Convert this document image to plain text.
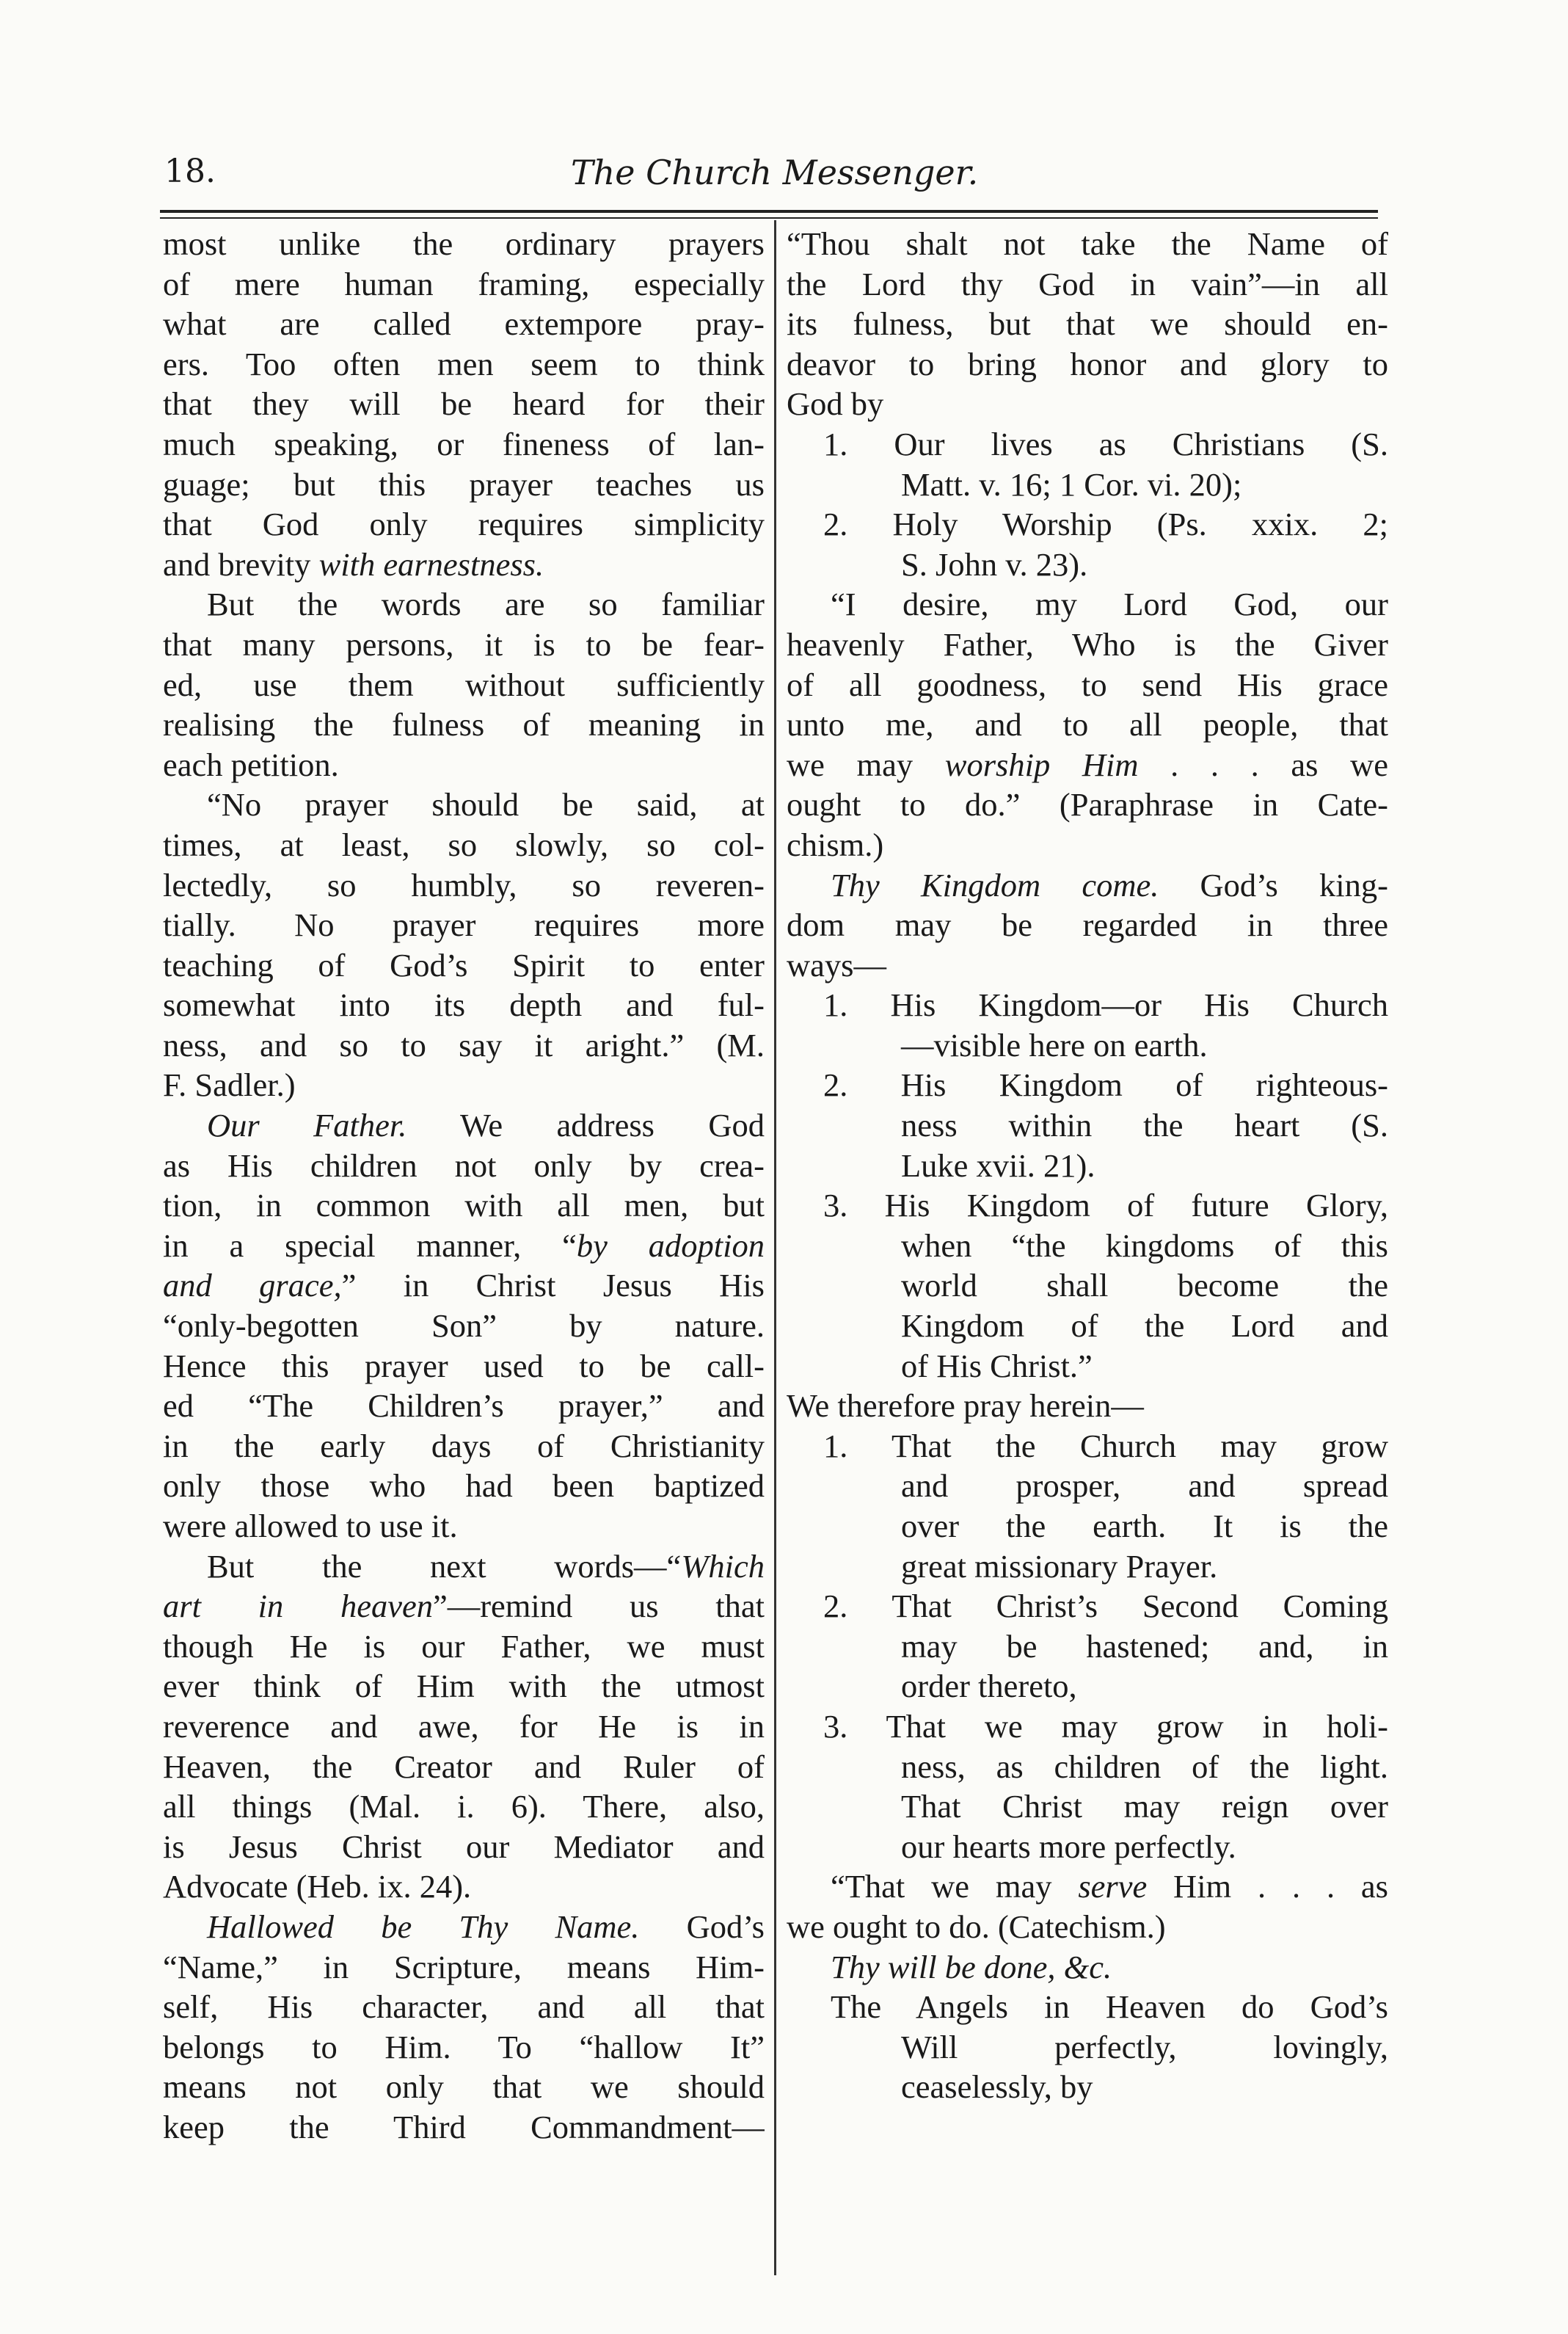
18.	The Church Messenger.
most unlike the ordinary prayers
of mere human framing, especially
what are called extempore pray-
ers. Too often men seem to think
that they will be heard for their
much speaking, or fineness of lan-
guage; but this prayer teaches us
that God only requires simplicity
and brevity with earnestness.
But the words are so familiar
that many persons, it is to be fear-
ed, use them without sufficiently
realising the fulness of meaning in
each petition.
“No prayer should be said, at
times, at least, so slowly, so col-
lectedly, so humbly, so reveren-
tially. No prayer requires more
teaching of God’s Spirit to enter
somewhat into its depth and ful-
ness, and so to say it aright.” (M.
F. Sadler.)
Our Father. We address God
as His children not only by crea-
tion, in common with all men, but
in a special manner, “by adoption
and grace,” in Christ Jesus His
“only-begotten Son” by nature.
Hence this prayer used to be call-
ed “The Children’s prayer,” and
in the early days of Christianity
only those who had been baptized
were allowed to use it.
But the next words—“Which
art in heaven”—remind us that
though He is our Father, we must
ever think of Him with the utmost
reverence and awe, for He is in
Heaven, the Creator and Ruler of
all things (Mal. i. 6). There, also,
is Jesus Christ our Mediator and
Advocate (Heb. ix. 24).
Hallowed be Thy Name. God’s
“Name,” in Scripture, means Him-
self, His character, and all that
belongs to Him. To “hallow It”
means not only that we should
keep the Third Commandment—
“Thou shalt not take the Name of
the Lord thy God in vain”—in all
its fulness, but that we should en-
deavor to bring honor and glory to
God by
1. Our lives as Christians (S.
Matt. v. 16; 1 Cor. vi. 20);
2. Holy Worship (Ps. xxix. 2;
S. John v. 23).
“I desire, my Lord God, our
heavenly Father, Who is the Giver
of all goodness, to send His grace
unto me, and to all people, that
we may worship Him . . . as we
ought to do.” (Paraphrase in Cate-
chism.)
Thy Kingdom come. God’s king-
dom may be regarded in three
ways—
1. His Kingdom—or His Church
—visible here on earth.
2. His Kingdom of righteous-
ness within the heart (S.
Luke xvii. 21).
3. His Kingdom of future Glory,
when “the kingdoms of this
world shall become the
Kingdom of the Lord and
of His Christ.”
We therefore pray herein—
1. That the Church may grow
and prosper, and spread
over the earth. It is the
great missionary Prayer.
2. That Christ’s Second Coming
may be hastened; and, in
order thereto,
3. That we may grow in holi-
ness, as children of the light.
That Christ may reign over
our hearts more perfectly.
“That we may serve Him . . . as
we ought to do. (Catechism.)
Thy will be done, &c.
The Angels in Heaven do God’s
Will perfectly, lovingly,
ceaselessly, by
